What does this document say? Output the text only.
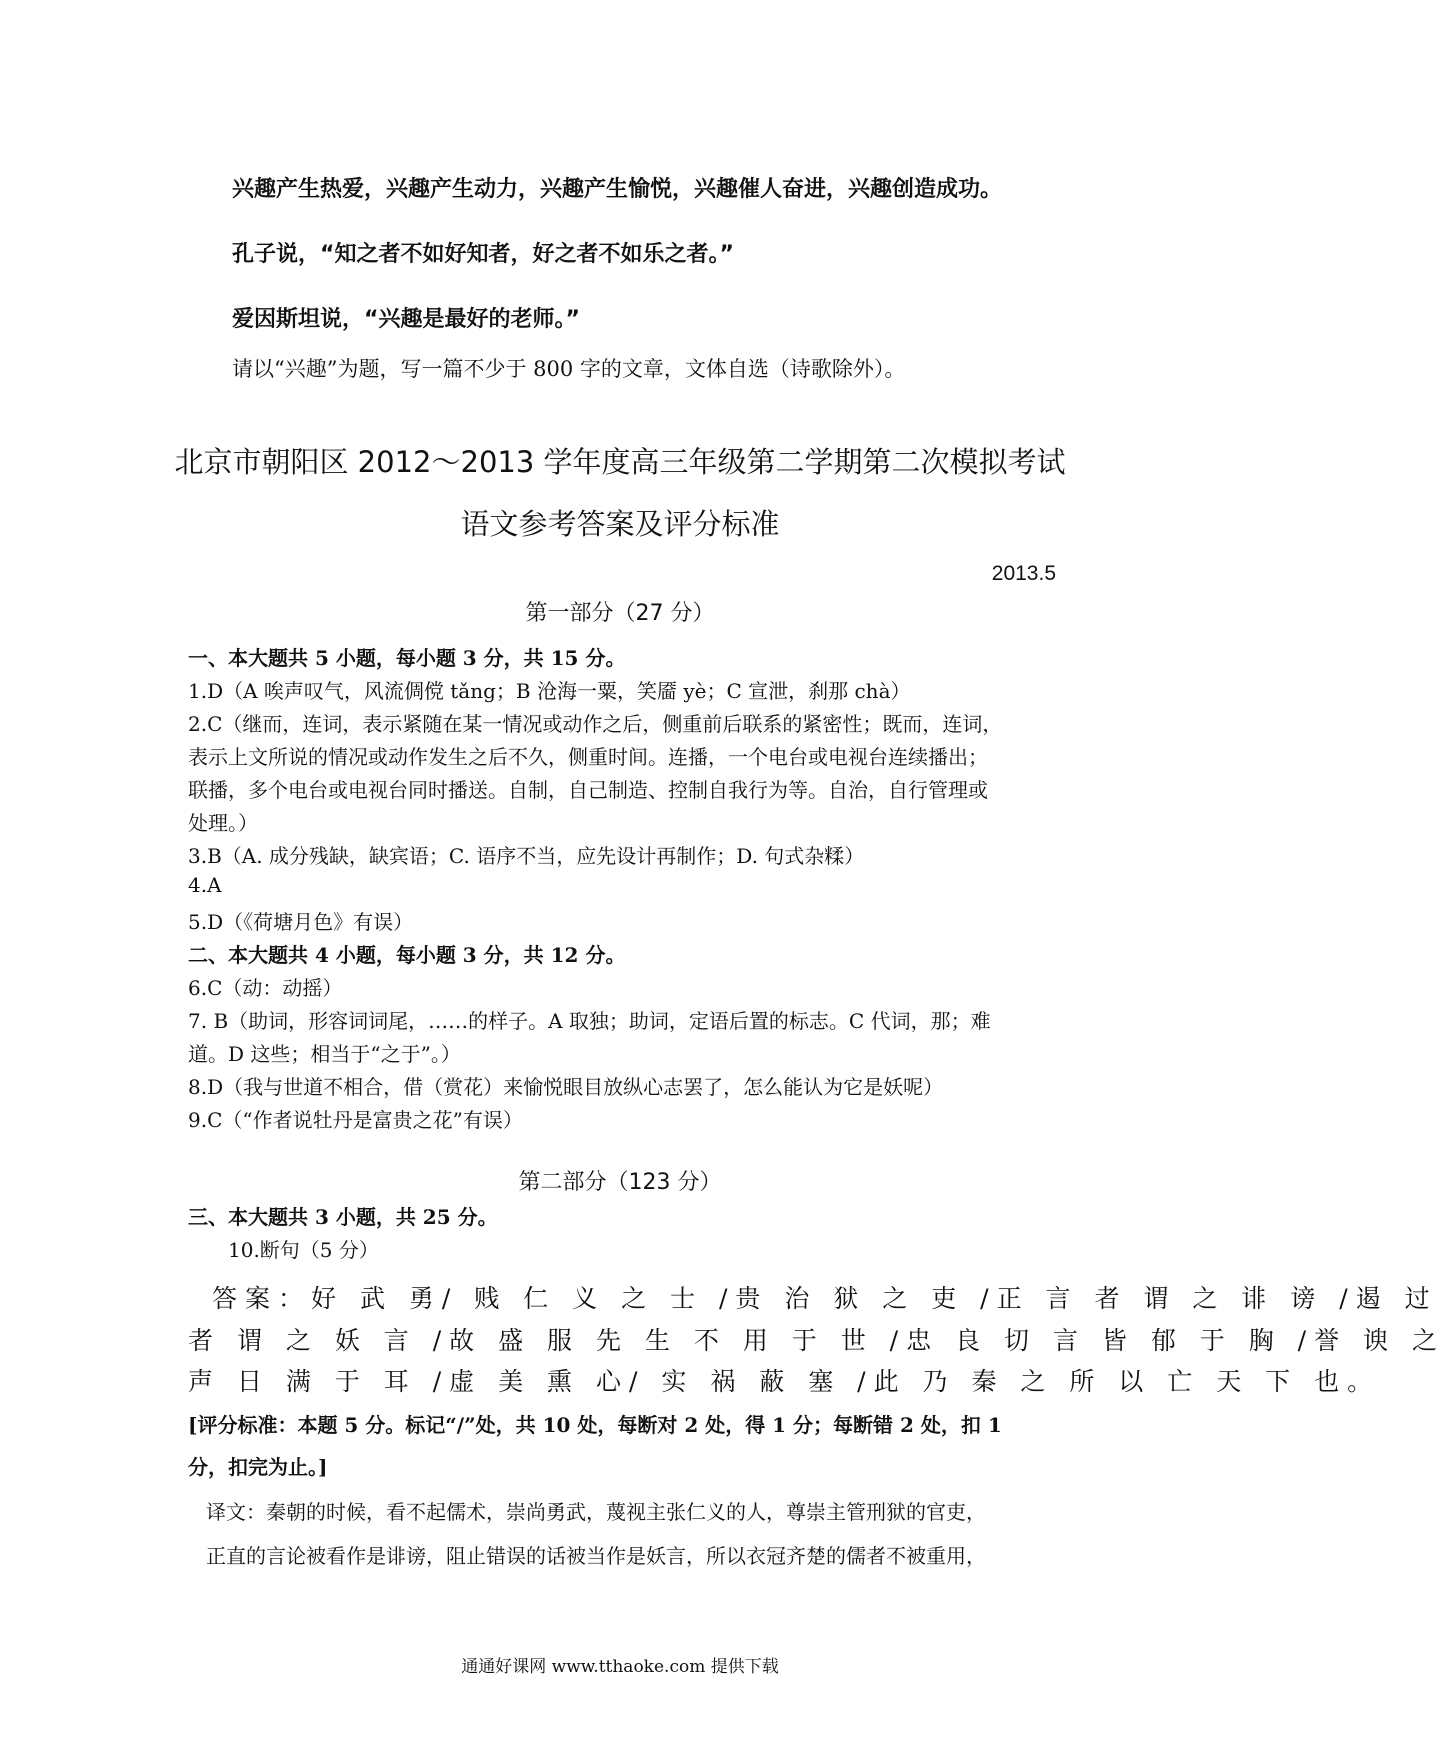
兴趣产生热爱，兴趣产生动力，兴趣产生愉悦，兴趣催人奋进，兴趣创造成功。
孔子说，“知之者不如好知者，好之者不如乐之者。”
爱因斯坦说，“兴趣是最好的老师。”
请以“兴趣”为题，写一篇不少于 800 字的文章，文体自选（诗歌除外）。
北京市朝阳区 2012～2013 学年度高三年级第二学期第二次模拟考试
语文参考答案及评分标准
2013.5
第一部分（27 分）
一、本大题共 5 小题，每小题 3 分，共 15 分。
1.D（A 唉声叹气，风流倜傥 tǎng；B 沧海一粟，笑靥 yè；C 宣泄，刹那 chà）
2.C（继而，连词，表示紧随在某一情况或动作之后，侧重前后联系的紧密性；既而，连词，
表示上文所说的情况或动作发生之后不久，侧重时间。连播，一个电台或电视台连续播出；
联播，多个电台或电视台同时播送。自制，自己制造、控制自我行为等。自治，自行管理或
处理。）
3.B（A. 成分残缺，缺宾语；C. 语序不当，应先设计再制作；D. 句式杂糅）
4.A
5.D（《荷塘月色》有误）
二、本大题共 4 小题，每小题 3 分，共 12 分。
6.C（动：动摇）
7. B（助词，形容词词尾，……的样子。A 取独；助词，定语后置的标志。C 代词，那；难
道。D 这些；相当于“之于”。）
8.D（我与世道不相合，借（赏花）来愉悦眼目放纵心志罢了，怎么能认为它是妖呢）
9.C（“作者说牡丹是富贵之花”有误）
第二部分（123 分）
三、本大题共 3 小题，共 25 分。
10.断句（5 分）
答案：好 武 勇/ 贱 仁 义 之 士 /贵 治 狱 之 吏 /正 言 者 谓 之 诽 谤 /遏 过
者 谓 之 妖 言 /故 盛 服 先 生 不 用 于 世 /忠 良 切 言 皆 郁 于 胸 /誉 谀 之
声 日 满 于 耳 /虚 美 熏 心/ 实 祸 蔽 塞 /此 乃 秦 之 所 以 亡 天 下 也。
[评分标准：本题 5 分。标记“/”处，共 10 处，每断对 2 处，得 1 分；每断错 2 处，扣 1
分，扣完为止。]
译文：秦朝的时候，看不起儒术，崇尚勇武，蔑视主张仁义的人，尊崇主管刑狱的官吏，
正直的言论被看作是诽谤，阻止错误的话被当作是妖言，所以衣冠齐楚的儒者不被重用，
通通好课网 www.tthaoke.com 提供下载
